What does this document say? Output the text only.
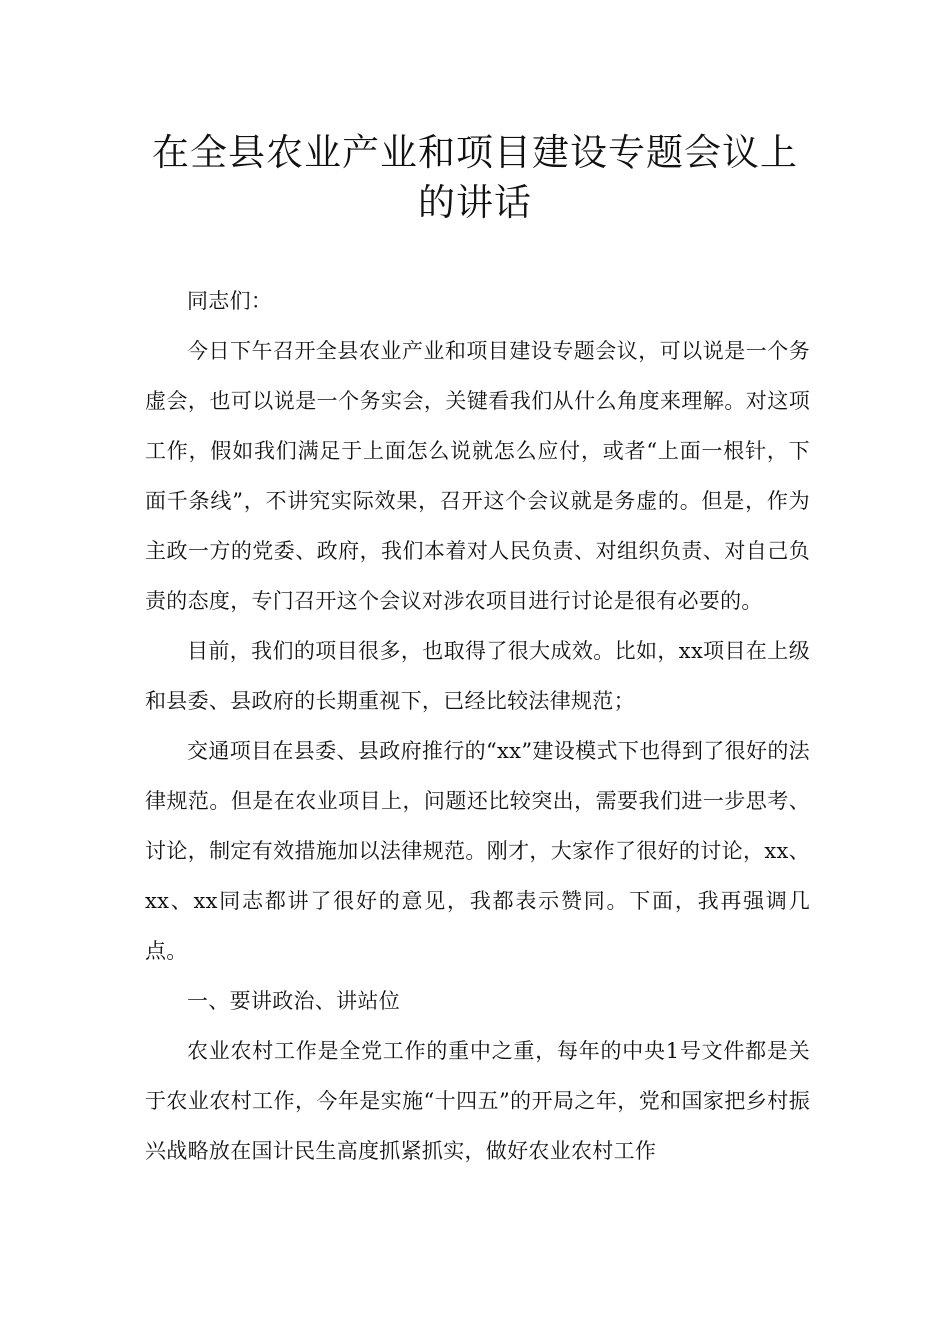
在全县农业产业和项目建设专题会议上
的讲话

同志们：

今日下午召开全县农业产业和项目建设专题会议，可以说是一个务虚会，也可以说是一个务实会，关键看我们从什么角度来理解。对这项工作，假如我们满足于上面怎么说就怎么应付，或者“上面一根针，下面千条线”，不讲究实际效果，召开这个会议就是务虚的。但是，作为主政一方的党委、政府，我们本着对人民负责、对组织负责、对自己负责的态度，专门召开这个会议对涉农项目进行讨论是很有必要的。

目前，我们的项目很多，也取得了很大成效。比如，xx项目在上级和县委、县政府的长期重视下，已经比较法律规范；

交通项目在县委、县政府推行的“xx”建设模式下也得到了很好的法律规范。但是在农业项目上，问题还比较突出，需要我们进一步思考、讨论，制定有效措施加以法律规范。刚才，大家作了很好的讨论，xx、xx、xx同志都讲了很好的意见，我都表示赞同。下面，我再强调几点。

一、要讲政治、讲站位

农业农村工作是全党工作的重中之重，每年的中央1号文件都是关于农业农村工作，今年是实施“十四五”的开局之年，党和国家把乡村振兴战略放在国计民生高度抓紧抓实，做好农业农村工作
